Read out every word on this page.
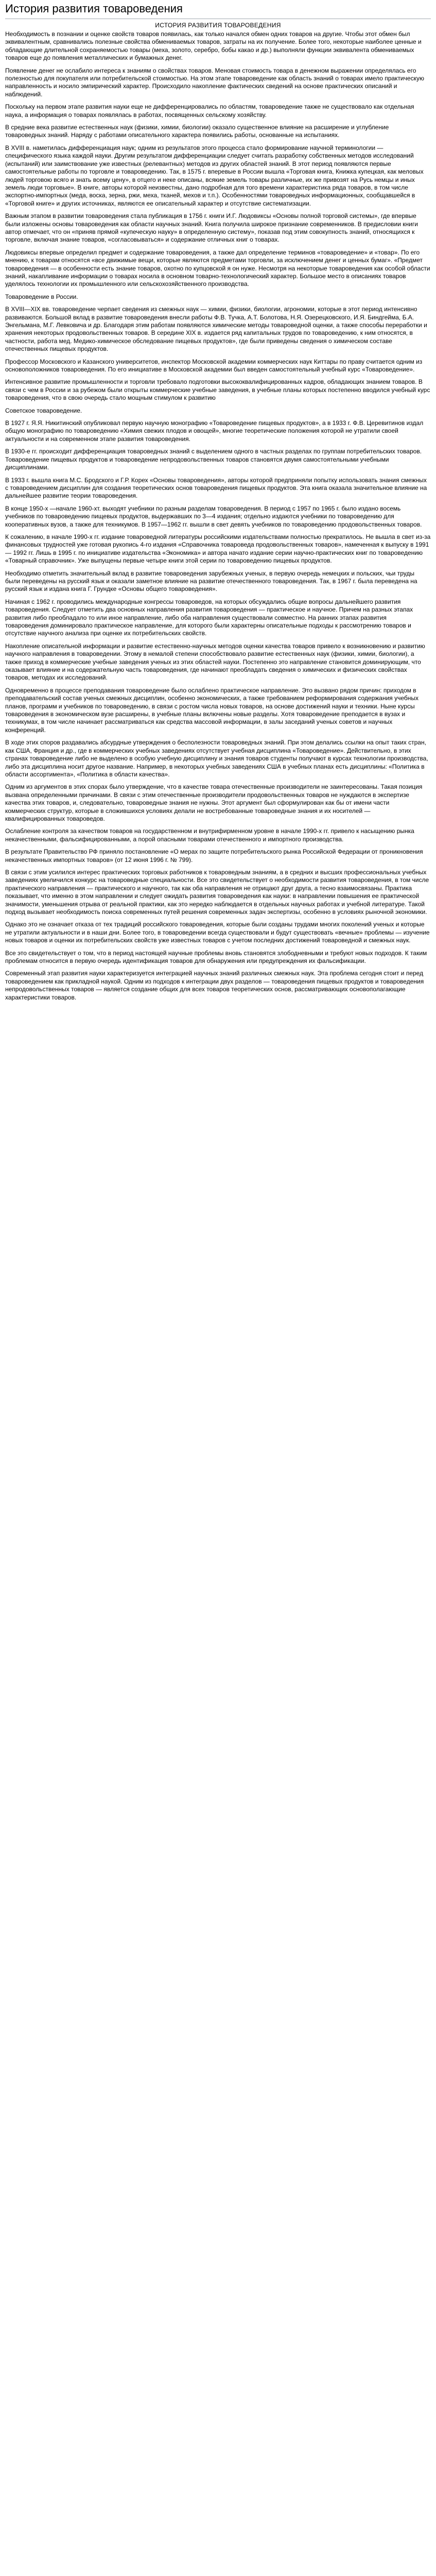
История развития товароведения
ИСТОРИЯ РАЗВИТИЯ ТОВАРОВЕДЕНИЯ

Необходимость в познании и оценке свойств товаров появилась, как только начался обмен одних товаров на другие. Чтобы этот обмен был эквивалентным, сравнивались полезные свойства обмениваемых товаров, затраты на их получение. Более того, некоторые наиболее ценные и обладающие длительной сохраняемостью товары (меха, золото, серебро, бобы какао и др.) выполняли функции эквивалента обмениваемых товаров еще до появления металлических и бумажных денег.

Появление денег не ослабило интереса к знаниям о свойствах товаров. Меновая стоимость товара в денежном выражении определялась его полезностью для покупателя или потребительской стоимостью. На этом этапе товароведение как область знаний о товарах имело практическую направленность и носило эмпирический характер. Происходило накопление фактических сведений на основе практических описаний и наблюдений.

Поскольку на первом этапе развития науки еще не дифференцировались по областям, товароведение также не существовало как отдельная наука, а информация о товарах появлялась в работах, посвященных сельскому хозяйству.

В средние века развитие естественных наук (физики, химии, биологии) оказало существенное влияние на расширение и углубление товароведных знаний. Наряду с работами описательного характера появились работы, основанные на испытаниях.

В XVIII в. наметилась дифференциация наук; одним из результатов этого процесса стало формирование научной терминологии — специфического языка каждой науки. Другим результатом дифференциации следует считать разработку собственных методов исследований (испытаний) или заимствование уже известных (релевантных) методов из других областей знаний. В этот период появляются первые самостоятельные работы по торговле и товароведению. Так, в 1575 г. вперевые в России вышла «Торговая книга, Книжка купецкая, как меловых людей торговою всяго и знать всему цену», в отцего и неке описаны, всякие земель товары различные, их же привозят на Русь немцы и иных земель люди торговые». В книге, авторы которой неизвестны, дано подробная для того времени характеристика ряда товаров, в том числе экспортно-импортных (меда, воска, зерна, ржи, меха, тканей, мехов и т.п.). Особенностями товароведных информационных, сообщавшейся в «Торговой книге» и других источниках, являются ее описательный характер и отсутствие систематизации.

Важным этапом в развитии товароведения стала публикация в 1756 г. книги И.Г. Людовиксы «Основы полной торговой системы», где впервые были изложены основы товароведения как области научных знаний. Книга получила широкое признание современников. В предисловии книги автор отмечает, что он «приняв прямой «купеческую науку» в определенную систему», показав под этим совокупность знаний, относящихся к торговле, включая знание товаров, «согласовываться» и содержание отличных книг о товарах.

Людовиксы впервые определил предмет и содержание товароведения, а также дал определение терминов «товароведение» и «товар». По его мнению, к товарам относятся «все движимые вещи, которые являются предметами торговли, за исключением денег и ценных бумаг». «Предмет товароведения — в особенности есть знание товаров, охотно по купцовской я он нуже. Несмотря на некоторые товароведения как особой области знаний, накапливание информации о товарах носила в основном товарно-технологический характер. Большое место в описаниях товаров уделялось технологии их промышленного или сельскохозяйственного производства.

Товароведение в России.

В XVIII—XIX вв. товароведение черпает сведения из смежных наук — химии, физики, биологии, агрономии, которые в этот период интенсивно развиваются. Большой вклад в развитие товароведения внесли работы Ф.В. Тучка, А.Т. Болотова, Н.Я. Озерецковского, И.Я. Биндгейма, Б.А. Энгельмана, М.Г. Левковича и др. Благодаря этим работам появляются химические методы товароведной оценки, а также способы переработки и хранения некоторых продовольственных товаров. В середине XIX в. издается ряд капитальных трудов по товароведению, к ним относятся, в частности, работа мед. Медико-химическое обследование пищевых продуктов», где были приведены сведения о химическом составе отечественных пищевых продуктов.

Профессор Московского и Казанского университетов, инспектор Московской академии коммерческих наук Киттары по праву считается одним из основоположников товароведения. По его инициативе в Московской академии был введен самостоятельный учебный курс «Товароведение».

Интенсивное развитие промышленности и торговли требовало подготовки высококвалифицированных кадров, обладающих знанием товаров. В связи с чем в России и за рубежом были открыты коммерческие учебные заведения, в учебные планы которых постепенно вводился учебный курс товароведения, что в свою очередь стало мощным стимулом к развитию

Советское товароведение.

В 1927 г. Я.Я. Никитинский опубликовал первую научную монографию «Товароведение пищевых продуктов», а в 1933 г. Ф.В. Церевитинов издал общую монографию по товароведению «Химия свежих плодов и овощей», многие теоретические положения которой не утратили своей актуальности и на современном этапе развития товароведения.

В 1930-е гг. происходит дифференциация товароведных знаний с выделением одного в частных разделах по группам потребительских товаров. Товароведение пищевых продуктов и товароведение непродовольственных товаров становятся двумя самостоятельными учебными дисциплинами.

В 1933 г. вышла книга М.С. Бродского и Г.Р. Корех «Основы товароведения», авторы которой предприняли попытку использовать знания смежных с товароведением дисциплин для создания теоретических основ товароведения пищевых продуктов. Эта книга оказала значительное влияние на дальнейшее развитие теории товароведения.

В конце 1950-х —начале 1960-хт. выходят учебники по разным разделам товароведения. В период с 1957 по 1965 г. было издано восемь учебников по товароведению пищевых продуктов, выдержавших по 3—4 издания; отдельно издаются учебники по товароведению для кооперативных вузов, а также для техникумов. В 1957—1962 гг. вышли в свет девять учебников по товароведению продовольственных товаров.

К сожалению, в начале 1990-х гг. издание товароведной литературы российскими издательствами полностью прекратилось. Не вышла в свет из-за финансовых трудностей уже готовая рукопись 4-го издания «Справочника товароведа продовольственных товаров», намеченная к выпуску в 1991 — 1992 гг. Лишь в 1995 г. по инициативе издательства «Экономика» и автора начато издание серии научно-практических книг по товароведению «Товарный справочник». Уже выпущены первые четыре книги этой серии по товароведению пищевых продуктов.

Необходимо отметить значительный вклад в развитие товароведения зарубежных ученых, в первую очередь немецких и польских, чьи труды были переведены на русский язык и оказали заметное влияние на развитие отечественного товароведения. Так, в 1967 г. была переведена на русский язык и издана книга Г. Грундке «Основы общего товароведения».

Начиная с 1962 г. проводились международные конгрессы товароведов, на которых обсуждались общие вопросы дальнейшего развития товароведения. Следует отметить два основных направления развития товароведения — практическое и научное. Причем на разных этапах развития либо преобладало то или иное направление, либо оба направления существовали совместно. На ранних этапах развития товароведения доминировало практическое направление, для которого были характерны описательные подходы к рассмотрению товаров и отсутствие научного анализа при оценке их потребительских свойств.

Накопление описательной информации и развитие естественно-научных методов оценки качества товаров привело к возникновению и развитию научного направления в товароведении. Этому в немалой степени способствовало развитие естественных наук (физики, химии, биологии), а также приход в коммерческие учебные заведения ученых из этих областей науки. Постепенно это направление становится доминирующим, что оказывает влияние и на содержательную часть товароведения, где начинают преобладать сведения о химических и физических свойствах товаров, методах их исследований.

Одновременно в процессе преподавания товароведение было ослаблено практическое направление. Это вызвано рядом причин: приходом в преподавательский состав ученых смежных дисциплин, особенно экономических, а также требованием реформирования содержания учебных планов, программ и учебников по товароведению, в связи с ростом числа новых товаров, на основе достижений науки и техники. Ныне курсы товароведения в экономическом вузе расширены, в учебные планы включены новые разделы. Хотя товароведение преподается в вузах и техникумах, в том числе начинает рассматриваться как средства массовой информации, в залы заседаний ученых советов и научных конференций.

В ходе этих споров раздавались абсурдные утверждения о бесполезности товароведных знаний. При этом делались ссылки на опыт таких стран, как США, Франция и др., где в коммерческих учебных заведениях отсутствует учебная дисциплина «Товароведение». Действительно, в этих странах товароведение либо не выделено в особую учебную дисциплину и знания товаров студенты получают в курсах технологии производства, либо эта дисциплина носит другое название. Например, в некоторых учебных заведениях США в учебных планах есть дисциплины: «Политика в области ассортимента», «Политика в области качества».

Одним из аргументов в этих спорах было утверждение, что в качестве товара отечественные производители не заинтересованы. Такая позиция вызвана определенными причинами. В связи с этим отечественные производители продовольственных товаров не нуждаются в экспертизе качества этих товаров, и, следовательно, товароведные знания не нужны. Этот аргумент был сформулирован как бы от имени части коммерческих структур, которые в сложившихся условиях делали не востребованные товароведные знания и их носителей — квалифицированных товароведов.

Ослабление контроля за качеством товаров на государственном и внутрифирменном уровне в начале 1990-х гг. привело к насыщению рынка некачественными, фальсифицированными, а порой опасными товарами отечественного и импортного производства.

В результате Правительство РФ приняло постановление «О мерах по защите потребительского рынка Российской Федерации от проникновения некачественных импортных товаров» (от 12 июня 1996 г. № 799).

В связи с этим усилился интерес практических торговых работников к товароведным знаниям, а в средних и высших профессиональных учебных заведениях увеличился конкурс на товароведные специальности. Все это свидетельствует о необходимости развития товароведения, в том числе практического направления — практического и научного, так как оба направления не отрицают друг друга, а тесно взаимосвязаны. Практика показывает, что именно в этом направлении и следует ожидать развития товароведения как науки: в направлении повышения ее практической значимости, уменьшения отрыва от реальной практики, как это нередко наблюдается в отдельных научных работах и учебной литературе. Такой подход вызывает необходимость поиска современных путей решения современных задач экспертизы, особенно в условиях рыночной экономики.

Однако это не означает отказа от тех традиций российского товароведения, которые были созданы трудами многих поколений ученых и которые не утратили актуальности и в наши дни. Более того, в товароведении всегда существовали и будут существовать «вечные» проблемы — изучение новых товаров и оценки их потребительских свойств уже известных товаров с учетом последних достижений товароведной и смежных наук.

Все это свидетельствует о том, что в период настоящей научные проблемы вновь становятся злободневными и требуют новых подходов. К таким проблемам относится в первую очередь идентификация товаров для обнаружения или предупреждения их фальсификации.

Современный этап развития науки характеризуется интеграцией научных знаний различных смежных наук. Эта проблема сегодня стоит и перед товароведением как прикладной наукой. Одним из подходов к интеграции двух разделов — товароведения пищевых продуктов и товароведения непродовольственных товаров — является создание общих для всех товаров теоретических основ, рассматривающих основополагающие характеристики товаров.
